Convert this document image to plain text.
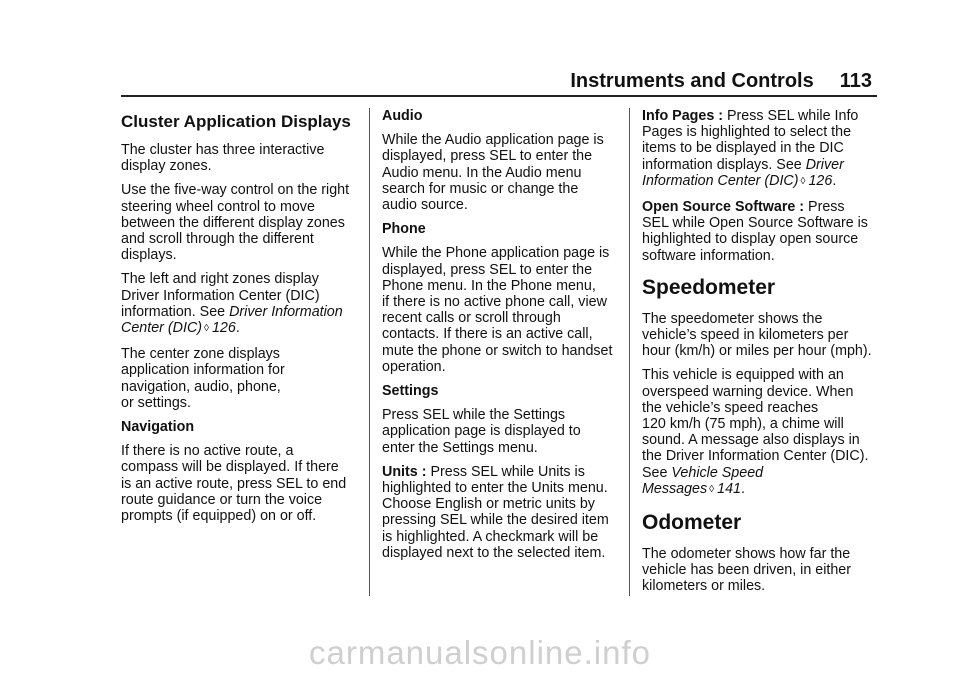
Instruments and Controls 113
Cluster Application Displays

The cluster has three interactive
display zones.

Use the five-way control on the right
steering wheel control to move
between the different display zones
and scroll through the different
displays.

The left and right zones display
Driver Information Center (DIC)
information. See Driver Information
Center (DIC) ◊ 126.

The center zone displays
application information for
navigation, audio, phone,
or settings.

Navigation

If there is no active route, a
compass will be displayed. If there
is an active route, press SEL to end
route guidance or turn the voice
prompts (if equipped) on or off.

Audio

While the Audio application page is
displayed, press SEL to enter the
Audio menu. In the Audio menu
search for music or change the
audio source.

Phone

While the Phone application page is
displayed, press SEL to enter the
Phone menu. In the Phone menu,
if there is no active phone call, view
recent calls or scroll through
contacts. If there is an active call,
mute the phone or switch to handset
operation.

Settings

Press SEL while the Settings
application page is displayed to
enter the Settings menu.

Units : Press SEL while Units is
highlighted to enter the Units menu.
Choose English or metric units by
pressing SEL while the desired item
is highlighted. A checkmark will be
displayed next to the selected item.

Info Pages : Press SEL while Info
Pages is highlighted to select the
items to be displayed in the DIC
information displays. See Driver
Information Center (DIC) ◊ 126.

Open Source Software : Press
SEL while Open Source Software is
highlighted to display open source
software information.

Speedometer

The speedometer shows the
vehicle’s speed in kilometers per
hour (km/h) or miles per hour (mph).

This vehicle is equipped with an
overspeed warning device. When
the vehicle’s speed reaches
120 km/h (75 mph), a chime will
sound. A message also displays in
the Driver Information Center (DIC).
See Vehicle Speed
Messages ◊ 141.

Odometer

The odometer shows how far the
vehicle has been driven, in either
kilometers or miles.

carmanualsonline.info
